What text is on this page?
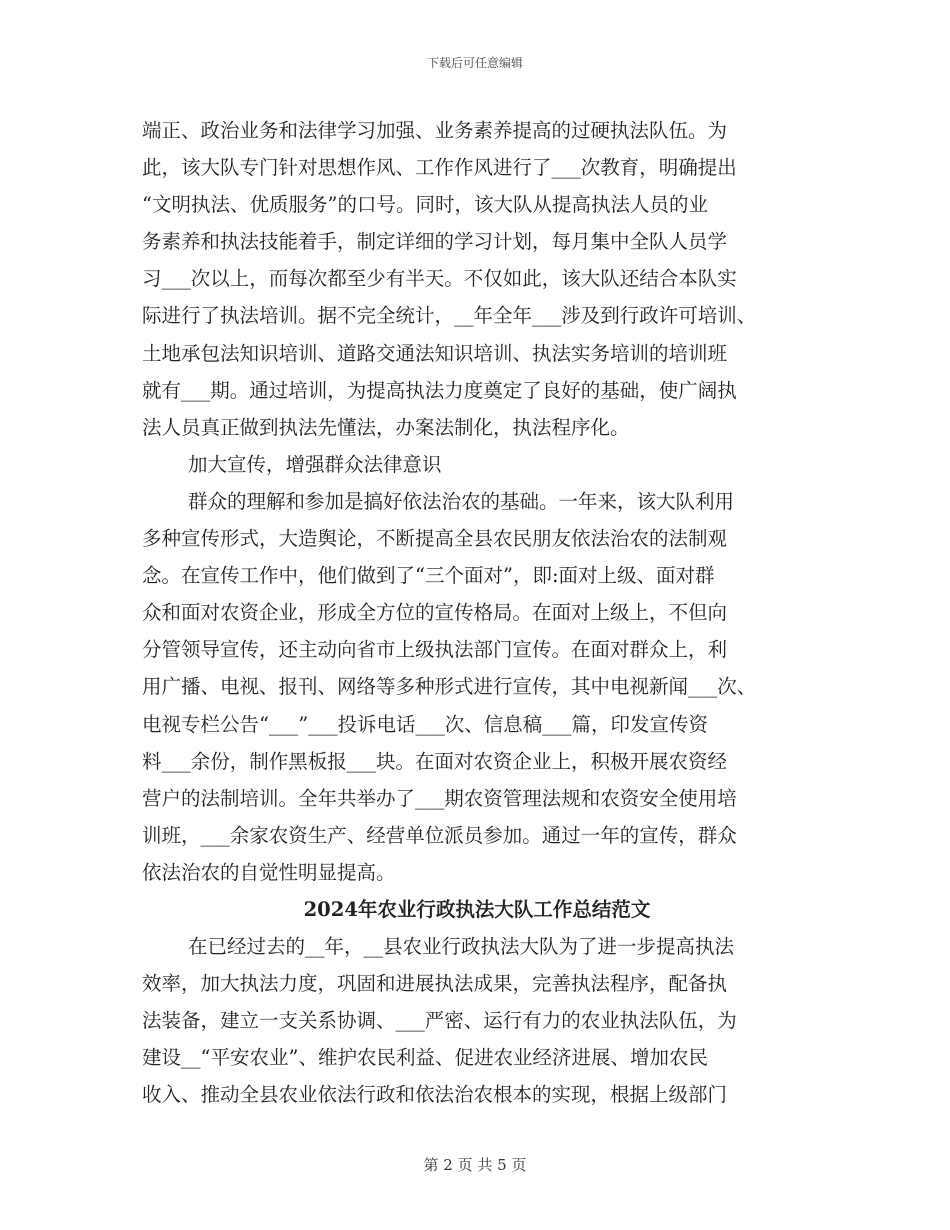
下载后可任意编辑
端正、政治业务和法律学习加强、业务素养提高的过硬执法队伍。为
此，该大队专门针对思想作风、工作作风进行了___次教育，明确提出
“文明执法、优质服务”的口号。同时，该大队从提高执法人员的业
务素养和执法技能着手，制定详细的学习计划，每月集中全队人员学
习___次以上，而每次都至少有半天。不仅如此，该大队还结合本队实
际进行了执法培训。据不完全统计，__年全年___涉及到行政许可培训、
土地承包法知识培训、道路交通法知识培训、执法实务培训的培训班
就有___期。通过培训，为提高执法力度奠定了良好的基础，使广阔执
法人员真正做到执法先懂法，办案法制化，执法程序化。
加大宣传，增强群众法律意识
群众的理解和参加是搞好依法治农的基础。一年来，该大队利用
多种宣传形式，大造舆论，不断提高全县农民朋友依法治农的法制观
念。在宣传工作中，他们做到了“三个面对”，即:面对上级、面对群
众和面对农资企业，形成全方位的宣传格局。在面对上级上，不但向
分管领导宣传，还主动向省市上级执法部门宣传。在面对群众上，利
用广播、电视、报刊、网络等多种形式进行宣传，其中电视新闻___次、
电视专栏公告“___”___投诉电话___次、信息稿___篇，印发宣传资
料___余份，制作黑板报___块。在面对农资企业上，积极开展农资经
营户的法制培训。全年共举办了___期农资管理法规和农资安全使用培
训班，___余家农资生产、经营单位派员参加。通过一年的宣传，群众
依法治农的自觉性明显提高。
2024年农业行政执法大队工作总结范文
在已经过去的__年，__县农业行政执法大队为了进一步提高执法
效率，加大执法力度，巩固和进展执法成果，完善执法程序，配备执
法装备，建立一支关系协调、___严密、运行有力的农业执法队伍，为
建设__“平安农业”、维护农民利益、促进农业经济进展、增加农民
收入、推动全县农业依法行政和依法治农根本的实现，根据上级部门
第 2 页 共 5 页
